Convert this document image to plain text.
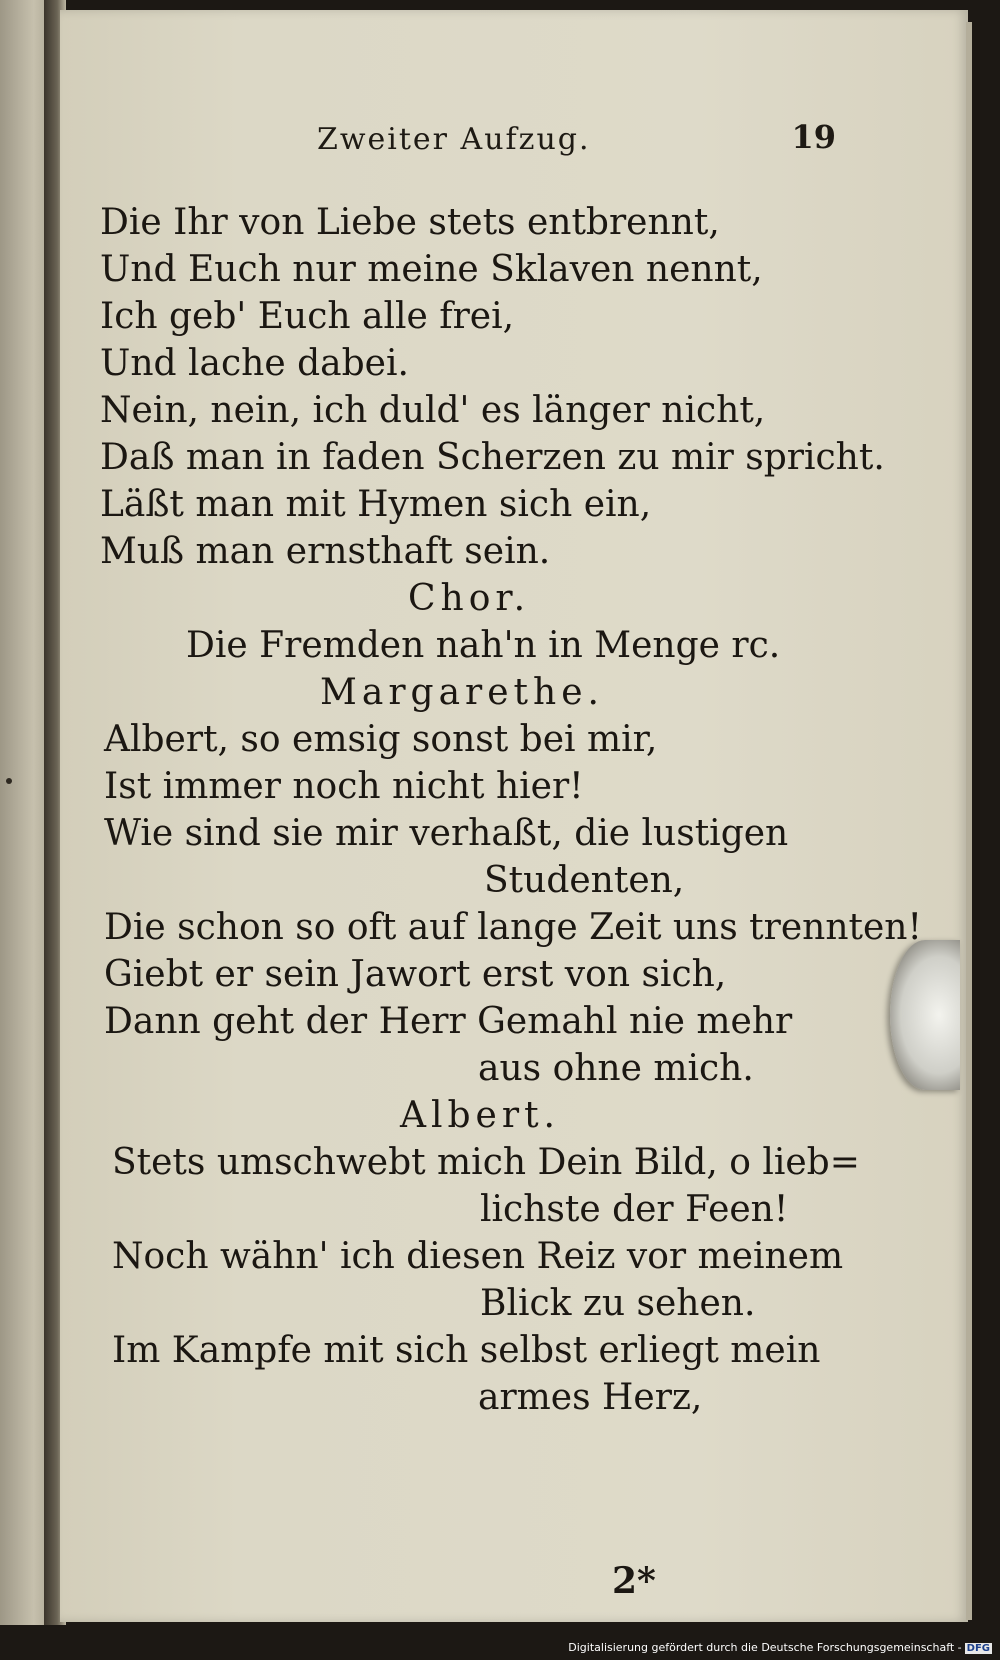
Zweiter Aufzug.	19
Die Ihr von Liebe stets entbrennt,
Und Euch nur meine Sklaven nennt,
Ich geb' Euch alle frei,
Und lache dabei.
Nein, nein, ich duld' es länger nicht,
Daß man in faden Scherzen zu mir spricht.
Läßt man mit Hymen sich ein,
Muß man ernsthaft sein.
Chor.
Die Fremden nah'n in Menge rc.
Margarethe.
Albert, so emsig sonst bei mir,
Ist immer noch nicht hier!
Wie sind sie mir verhaßt, die lustigen
Studenten,
Die schon so oft auf lange Zeit uns trennten!
Giebt er sein Jawort erst von sich,
Dann geht der Herr Gemahl nie mehr
aus ohne mich.
Albert.
Stets umschwebt mich Dein Bild, o lieb=
lichste der Feen!
Noch wähn' ich diesen Reiz vor meinem
Blick zu sehen.
Im Kampfe mit sich selbst erliegt mein
armes Herz,
2*
Digitalisierung gefördert durch die Deutsche Forschungsgemeinschaft - DFG
